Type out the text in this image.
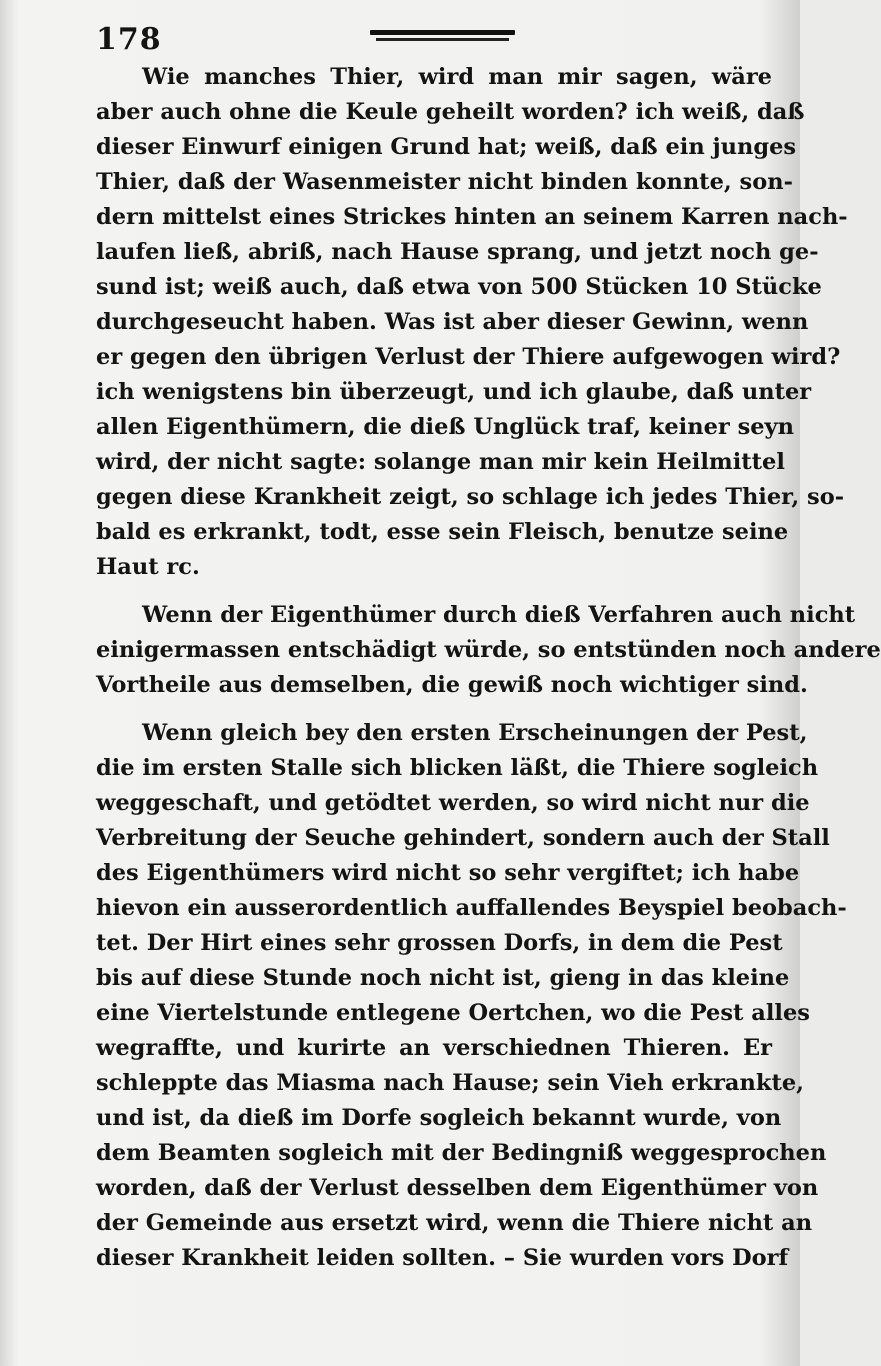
178
Wie manches Thier, wird man mir sagen, wäre
aber auch ohne die Keule geheilt worden? ich weiß, daß
dieser Einwurf einigen Grund hat; weiß, daß ein junges
Thier, daß der Wasenmeister nicht binden konnte, son-
dern mittelst eines Strickes hinten an seinem Karren nach-
laufen ließ, abriß, nach Hause sprang, und jetzt noch ge-
sund ist; weiß auch, daß etwa von 500 Stücken 10 Stücke
durchgeseucht haben. Was ist aber dieser Gewinn, wenn
er gegen den übrigen Verlust der Thiere aufgewogen wird?
ich wenigstens bin überzeugt, und ich glaube, daß unter
allen Eigenthümern, die dieß Unglück traf, keiner seyn
wird, der nicht sagte: solange man mir kein Heilmittel
gegen diese Krankheit zeigt, so schlage ich jedes Thier, so-
bald es erkrankt, todt, esse sein Fleisch, benutze seine
Haut rc.
Wenn der Eigenthümer durch dieß Verfahren auch nicht
einigermassen entschädigt würde, so entstünden noch andere
Vortheile aus demselben, die gewiß noch wichtiger sind.
Wenn gleich bey den ersten Erscheinungen der Pest,
die im ersten Stalle sich blicken läßt, die Thiere sogleich
weggeschaft, und getödtet werden, so wird nicht nur die
Verbreitung der Seuche gehindert, sondern auch der Stall
des Eigenthümers wird nicht so sehr vergiftet; ich habe
hievon ein ausserordentlich auffallendes Beyspiel beobach-
tet. Der Hirt eines sehr grossen Dorfs, in dem die Pest
bis auf diese Stunde noch nicht ist, gieng in das kleine
eine Viertelstunde entlegene Oertchen, wo die Pest alles
wegraffte, und kurirte an verschiednen Thieren. Er
schleppte das Miasma nach Hause; sein Vieh erkrankte,
und ist, da dieß im Dorfe sogleich bekannt wurde, von
dem Beamten sogleich mit der Bedingniß weggesprochen
worden, daß der Verlust desselben dem Eigenthümer von
der Gemeinde aus ersetzt wird, wenn die Thiere nicht an
dieser Krankheit leiden sollten. – Sie wurden vors Dorf
